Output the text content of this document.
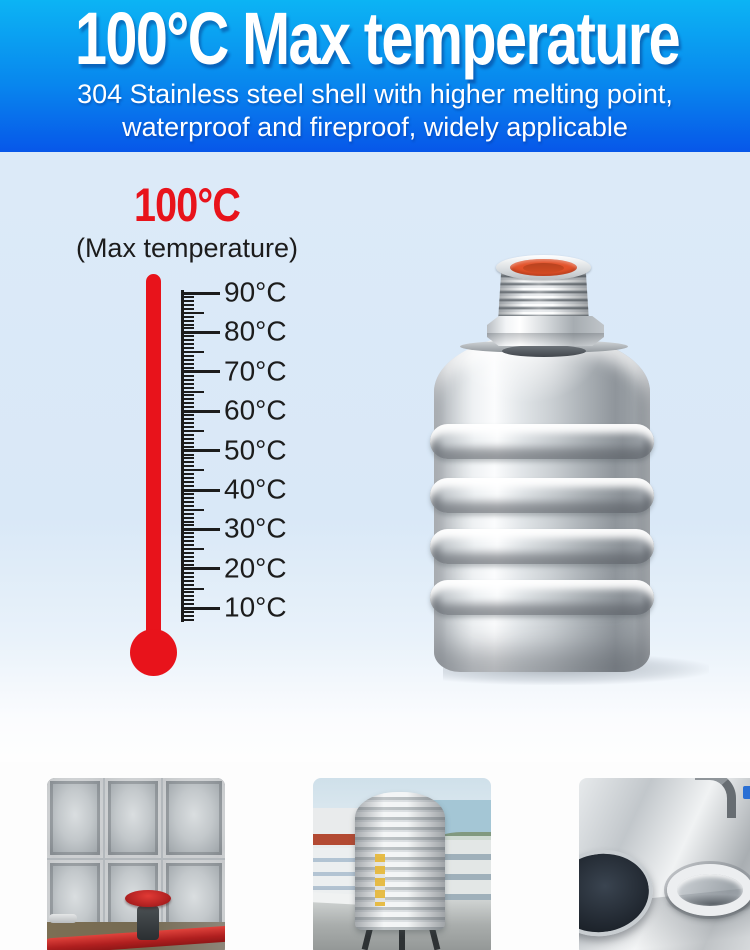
100°C Max temperature
304 Stainless steel shell with higher melting point,
waterproof and fireproof, widely applicable
100°C
(Max temperature)
90°C
80°C
70°C
60°C
50°C
40°C
30°C
20°C
10°C
